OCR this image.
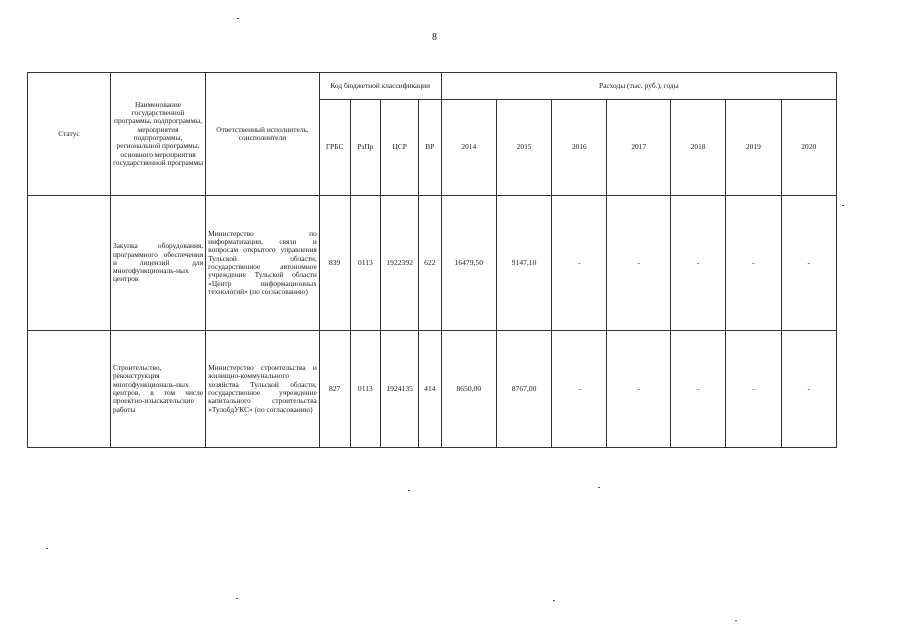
8
Статус	Наименование государственной программы, подпрограммы, мероприятия подпрограммы, региональной программы, основного мероприятия государственной программы	Ответственный исполнитель, соисполнители	Код бюджетной классификации				Расходы (тыс. руб.), годы						
			ГРБС	РзПр	ЦСР	ВР	2014	2015	2016	2017	2018	2019	2020
	Закупка оборудования, программного обеспечения и лицензий для многофункциональ-ных центров	Министерство по информатизации, связи и вопросам открытого управления Тульской области, государственное автономное учреждение Тульской области «Центр информационных технологий» (по согласованию)	839	0113	1922392	622	16479,50	9147,10	-	-	-	-	-
	Строительство, реконструкция многофункциональ-ных центров, в том числе проектно-изыскательские работы	Министерство строительства и жилищно-коммунального хозяйства Тульской области, государственное учреждение капитального строительства «ТулобдУКС» (по согласованию)	827	0113	1924135	414	8650,00	8767,00	-	-	-	-	-
